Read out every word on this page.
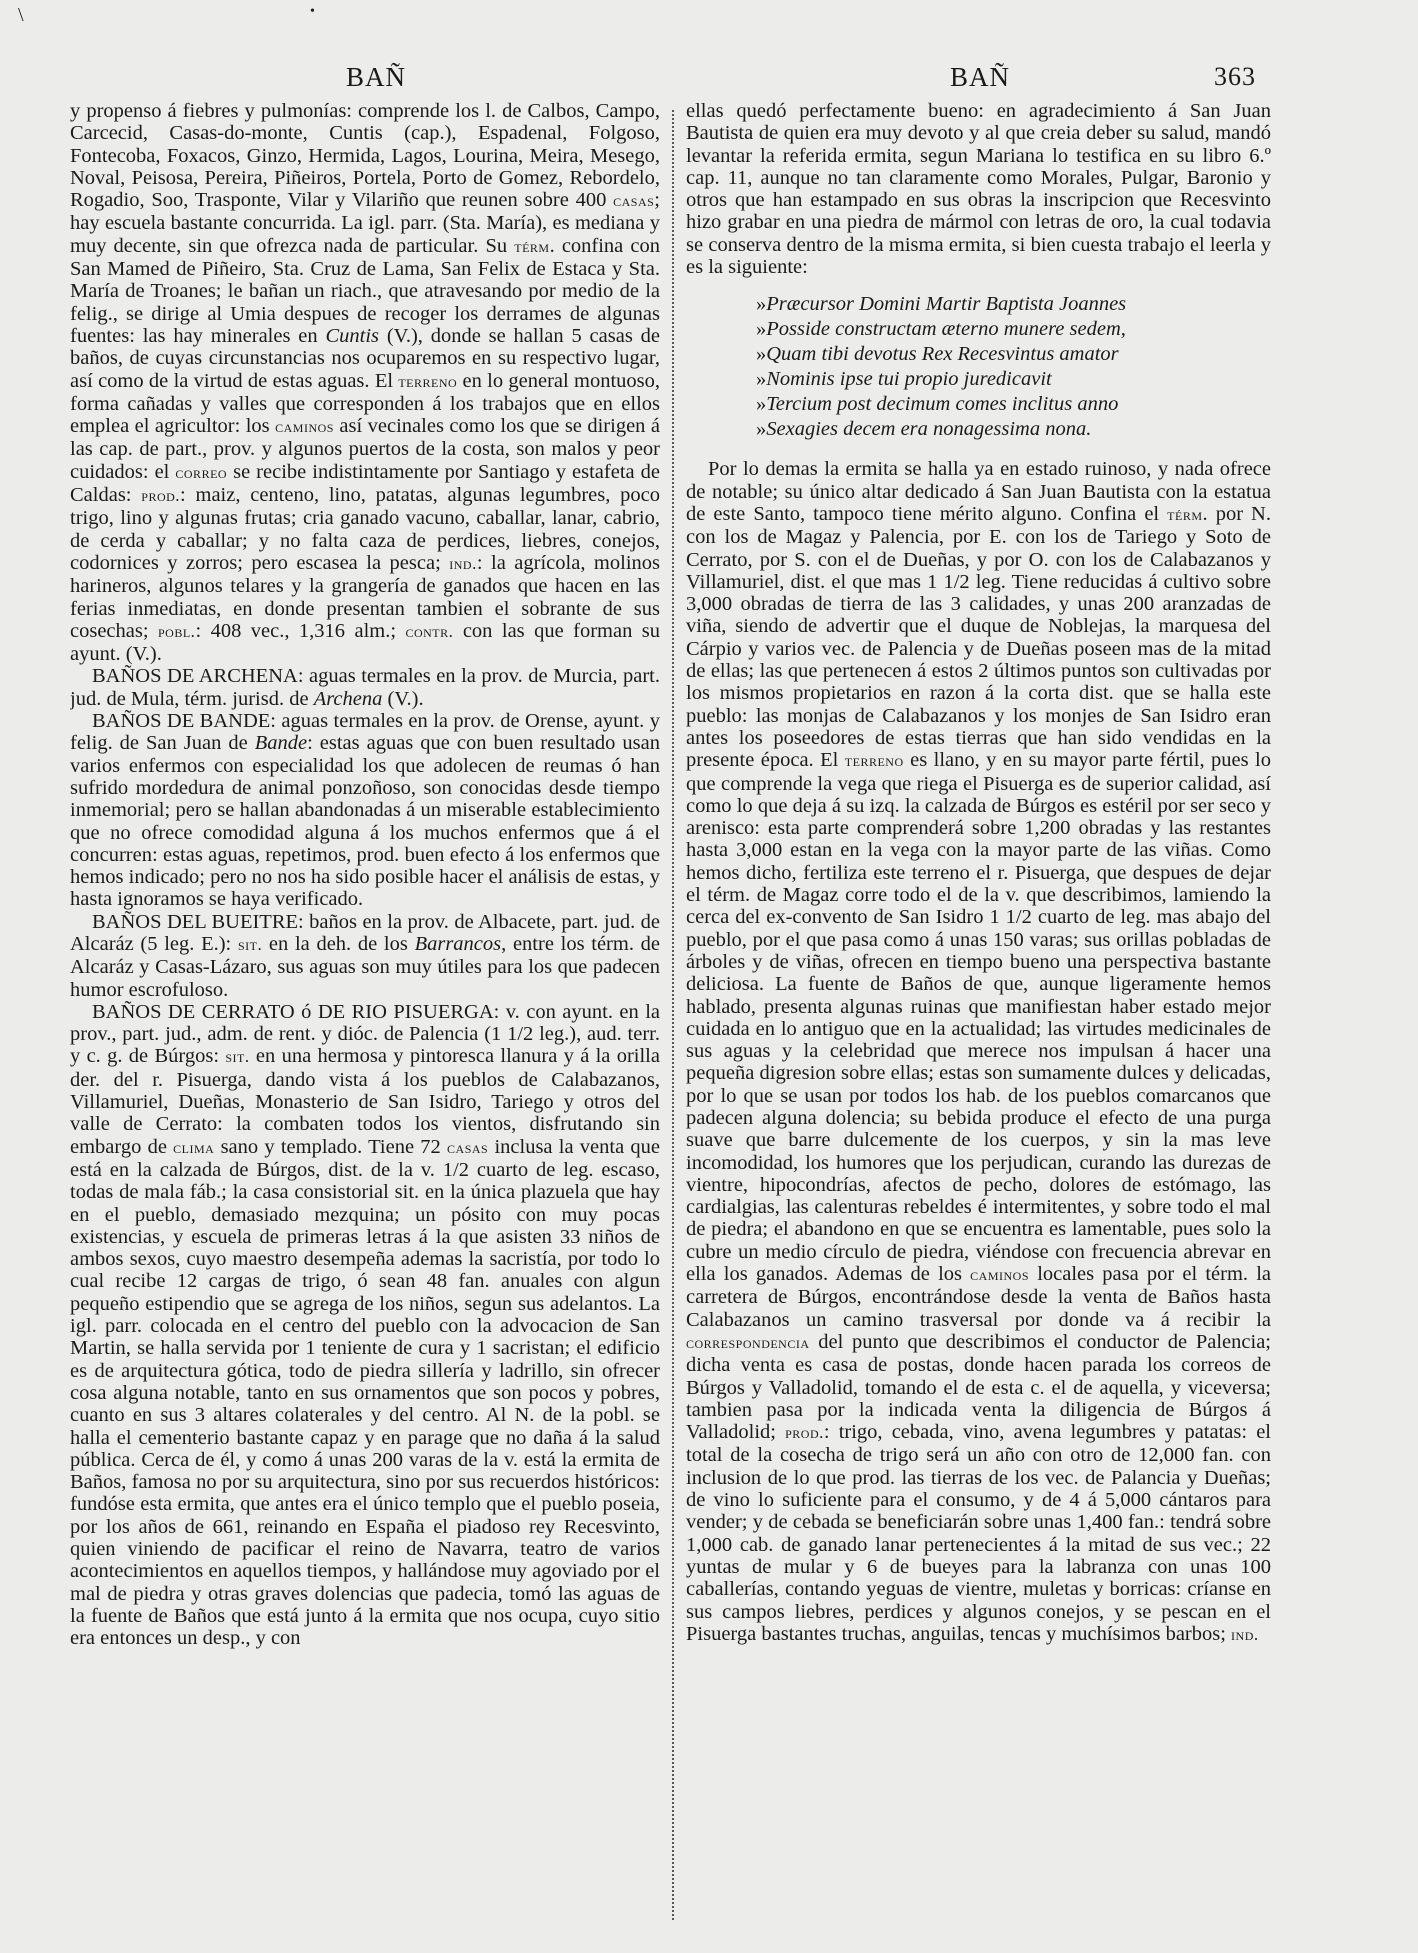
\	•
BAÑ	BAÑ	363

y propenso á fiebres y pulmonías: comprende los l. de Calbos, Campo, Carcecid, Casas-do-monte, Cuntis (cap.), Espadenal, Folgoso, Fontecoba, Foxacos, Ginzo, Hermida, Lagos, Lourina, Meira, Mesego, Noval, Peisosa, Pereira, Piñeiros, Portela, Porto de Gomez, Rebordelo, Rogadio, Soo, Trasponte, Vilar y Vilariño que reunen sobre 400 casas; hay escuela bastante concurrida. La igl. parr. (Sta. María), es mediana y muy decente, sin que ofrezca nada de particular. Su térm. confina con San Mamed de Piñeiro, Sta. Cruz de Lama, San Felix de Estaca y Sta. María de Troanes; le bañan un riach., que atravesando por medio de la felig., se dirige al Umia despues de recoger los derrames de algunas fuentes: las hay minerales en Cuntis (V.), donde se hallan 5 casas de baños, de cuyas circunstancias nos ocuparemos en su respectivo lugar, así como de la virtud de estas aguas. El terreno en lo general montuoso, forma cañadas y valles que corresponden á los trabajos que en ellos emplea el agricultor: los caminos así vecinales como los que se dirigen á las cap. de part., prov. y algunos puertos de la costa, son malos y peor cuidados: el correo se recibe indistintamente por Santiago y estafeta de Caldas: prod.: maiz, centeno, lino, patatas, algunas legumbres, poco trigo, lino y algunas frutas; cria ganado vacuno, caballar, lanar, cabrio, de cerda y caballar; y no falta caza de perdices, liebres, conejos, codornices y zorros; pero escasea la pesca; ind.: la agrícola, molinos harineros, algunos telares y la grangería de ganados que hacen en las ferias inmediatas, en donde presentan tambien el sobrante de sus cosechas; pobl.: 408 vec., 1,316 alm.; contr. con las que forman su ayunt. (V.).

BAÑOS DE ARCHENA: aguas termales en la prov. de Murcia, part. jud. de Mula, térm. jurisd. de Archena (V.).

BAÑOS DE BANDE: aguas termales en la prov. de Orense, ayunt. y felig. de San Juan de Bande: estas aguas que con buen resultado usan varios enfermos con especialidad los que adolecen de reumas ó han sufrido mordedura de animal ponzoñoso, son conocidas desde tiempo inmemorial; pero se hallan abandonadas á un miserable establecimiento que no ofrece comodidad alguna á los muchos enfermos que á el concurren: estas aguas, repetimos, prod. buen efecto á los enfermos que hemos indicado; pero no nos ha sido posible hacer el análisis de estas, y hasta ignoramos se haya verificado.

BAÑOS DEL BUEITRE: baños en la prov. de Albacete, part. jud. de Alcaráz (5 leg. E.): sit. en la deh. de los Barrancos, entre los térm. de Alcaráz y Casas-Lázaro, sus aguas son muy útiles para los que padecen humor escrofuloso.

BAÑOS DE CERRATO ó DE RIO PISUERGA: v. con ayunt. en la prov., part. jud., adm. de rent. y dióc. de Palencia (1 1/2 leg.), aud. terr. y c. g. de Búrgos: sit. en una hermosa y pintoresca llanura y á la orilla der. del r. Pisuerga, dando vista á los pueblos de Calabazanos, Villamuriel, Dueñas, Monasterio de San Isidro, Tariego y otros del valle de Cerrato: la combaten todos los vientos, disfrutando sin embargo de clima sano y templado. Tiene 72 casas inclusa la venta que está en la calzada de Búrgos, dist. de la v. 1/2 cuarto de leg. escaso, todas de mala fáb.; la casa consistorial sit. en la única plazuela que hay en el pueblo, demasiado mezquina; un pósito con muy pocas existencias, y escuela de primeras letras á la que asisten 33 niños de ambos sexos, cuyo maestro desempeña ademas la sacristía, por todo lo cual recibe 12 cargas de trigo, ó sean 48 fan. anuales con algun pequeño estipendio que se agrega de los niños, segun sus adelantos. La igl. parr. colocada en el centro del pueblo con la advocacion de San Martin, se halla servida por 1 teniente de cura y 1 sacristan; el edificio es de arquitectura gótica, todo de piedra sillería y ladrillo, sin ofrecer cosa alguna notable, tanto en sus ornamentos que son pocos y pobres, cuanto en sus 3 altares colaterales y del centro. Al N. de la pobl. se halla el cementerio bastante capaz y en parage que no daña á la salud pública. Cerca de él, y como á unas 200 varas de la v. está la ermita de Baños, famosa no por su arquitectura, sino por sus recuerdos históricos: fundóse esta ermita, que antes era el único templo que el pueblo poseia, por los años de 661, reinando en España el piadoso rey Recesvinto, quien viniendo de pacificar el reino de Navarra, teatro de varios acontecimientos en aquellos tiempos, y hallándose muy agoviado por el mal de piedra y otras graves dolencias que padecia, tomó las aguas de la fuente de Baños que está junto á la ermita que nos ocupa, cuyo sitio era entonces un desp., y con

ellas quedó perfectamente bueno: en agradecimiento á San Juan Bautista de quien era muy devoto y al que creia deber su salud, mandó levantar la referida ermita, segun Mariana lo testifica en su libro 6.º cap. 11, aunque no tan claramente como Morales, Pulgar, Baronio y otros que han estampado en sus obras la inscripcion que Recesvinto hizo grabar en una piedra de mármol con letras de oro, la cual todavia se conserva dentro de la misma ermita, si bien cuesta trabajo el leerla y es la siguiente:

»Præcursor Domini Martir Baptista Joannes
»Posside constructam æterno munere sedem,
»Quam tibi devotus Rex Recesvintus amator
»Nominis ipse tui propio juredicavit
»Tercium post decimum comes inclitus anno
»Sexagies decem era nonagessima nona.

Por lo demas la ermita se halla ya en estado ruinoso, y nada ofrece de notable; su único altar dedicado á San Juan Bautista con la estatua de este Santo, tampoco tiene mérito alguno. Confina el térm. por N. con los de Magaz y Palencia, por E. con los de Tariego y Soto de Cerrato, por S. con el de Dueñas, y por O. con los de Calabazanos y Villamuriel, dist. el que mas 1 1/2 leg. Tiene reducidas á cultivo sobre 3,000 obradas de tierra de las 3 calidades, y unas 200 aranzadas de viña, siendo de advertir que el duque de Noblejas, la marquesa del Cárpio y varios vec. de Palencia y de Dueñas poseen mas de la mitad de ellas; las que pertenecen á estos 2 últimos puntos son cultivadas por los mismos propietarios en razon á la corta dist. que se halla este pueblo: las monjas de Calabazanos y los monjes de San Isidro eran antes los poseedores de estas tierras que han sido vendidas en la presente época. El terreno es llano, y en su mayor parte fértil, pues lo que comprende la vega que riega el Pisuerga es de superior calidad, así como lo que deja á su izq. la calzada de Búrgos es estéril por ser seco y arenisco: esta parte comprenderá sobre 1,200 obradas y las restantes hasta 3,000 estan en la vega con la mayor parte de las viñas. Como hemos dicho, fertiliza este terreno el r. Pisuerga, que despues de dejar el térm. de Magaz corre todo el de la v. que describimos, lamiendo la cerca del ex-convento de San Isidro 1 1/2 cuarto de leg. mas abajo del pueblo, por el que pasa como á unas 150 varas; sus orillas pobladas de árboles y de viñas, ofrecen en tiempo bueno una perspectiva bastante deliciosa. La fuente de Baños de que, aunque ligeramente hemos hablado, presenta algunas ruinas que manifiestan haber estado mejor cuidada en lo antiguo que en la actualidad; las virtudes medicinales de sus aguas y la celebridad que merece nos impulsan á hacer una pequeña digresion sobre ellas; estas son sumamente dulces y delicadas, por lo que se usan por todos los hab. de los pueblos comarcanos que padecen alguna dolencia; su bebida produce el efecto de una purga suave que barre dulcemente de los cuerpos, y sin la mas leve incomodidad, los humores que los perjudican, curando las durezas de vientre, hipocondrías, afectos de pecho, dolores de estómago, las cardialgias, las calenturas rebeldes é intermitentes, y sobre todo el mal de piedra; el abandono en que se encuentra es lamentable, pues solo la cubre un medio círculo de piedra, viéndose con frecuencia abrevar en ella los ganados. Ademas de los caminos locales pasa por el térm. la carretera de Búrgos, encontrándose desde la venta de Baños hasta Calabazanos un camino trasversal por donde va á recibir la correspondencia del punto que describimos el conductor de Palencia; dicha venta es casa de postas, donde hacen parada los correos de Búrgos y Valladolid, tomando el de esta c. el de aquella, y viceversa; tambien pasa por la indicada venta la diligencia de Búrgos á Valladolid; prod.: trigo, cebada, vino, avena legumbres y patatas: el total de la cosecha de trigo será un año con otro de 12,000 fan. con inclusion de lo que prod. las tierras de los vec. de Palancia y Dueñas; de vino lo suficiente para el consumo, y de 4 á 5,000 cántaros para vender; y de cebada se beneficiarán sobre unas 1,400 fan.: tendrá sobre 1,000 cab. de ganado lanar pertenecientes á la mitad de sus vec.; 22 yuntas de mular y 6 de bueyes para la labranza con unas 100 caballerías, contando yeguas de vientre, muletas y borricas: críanse en sus campos liebres, perdices y algunos conejos, y se pescan en el Pisuerga bastantes truchas, anguilas, tencas y muchísimos barbos; ind.
